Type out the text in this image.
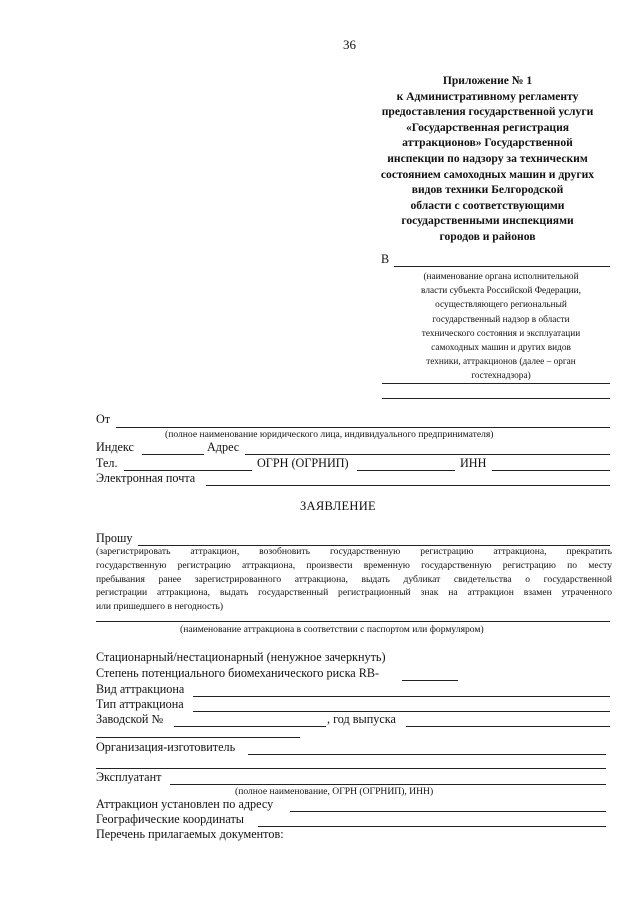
36
Приложение № 1
к Административному регламенту
предоставления государственной услуги
«Государственная регистрация
аттракционов» Государственной
инспекции по надзору за техническим
состоянием самоходных машин и других
видов техники Белгородской
области с соответствующими
государственными инспекциями
городов и районов
В
(наименование органа исполнительной
власти субъекта Российской Федерации,
осуществляющего региональный
государственный надзор в области
технического состояния и эксплуатации
самоходных машин и других видов
техники, аттракционов (далее – орган
гостехнадзора)
От
(полное наименование юридического лица, индивидуального предпринимателя)
Индекс	Адрес
Тел.	ОГРН (ОГРНИП)	ИНН
Электронная почта
ЗАЯВЛЕНИЕ
Прошу
(зарегистрировать аттракцион, возобновить государственную регистрацию аттракциона, прекратить
государственную регистрацию аттракциона, произвести временную государственную регистрацию по месту
пребывания ранее зарегистрированного аттракциона, выдать дубликат свидетельства о государственной
регистрации аттракциона, выдать государственный регистрационный знак на аттракцион взамен утраченного
или пришедшего в негодность)
(наименование аттракциона в соответствии с паспортом или формуляром)
Стационарный/нестационарный (ненужное зачеркнуть)
Степень потенциального биомеханического риска RB-
Вид аттракциона
Тип аттракциона
Заводской №	, год выпуска
Организация-изготовитель
Эксплуатант
(полное наименование, ОГРН (ОГРНИП), ИНН)
Аттракцион установлен по адресу
Географические координаты
Перечень прилагаемых документов:
